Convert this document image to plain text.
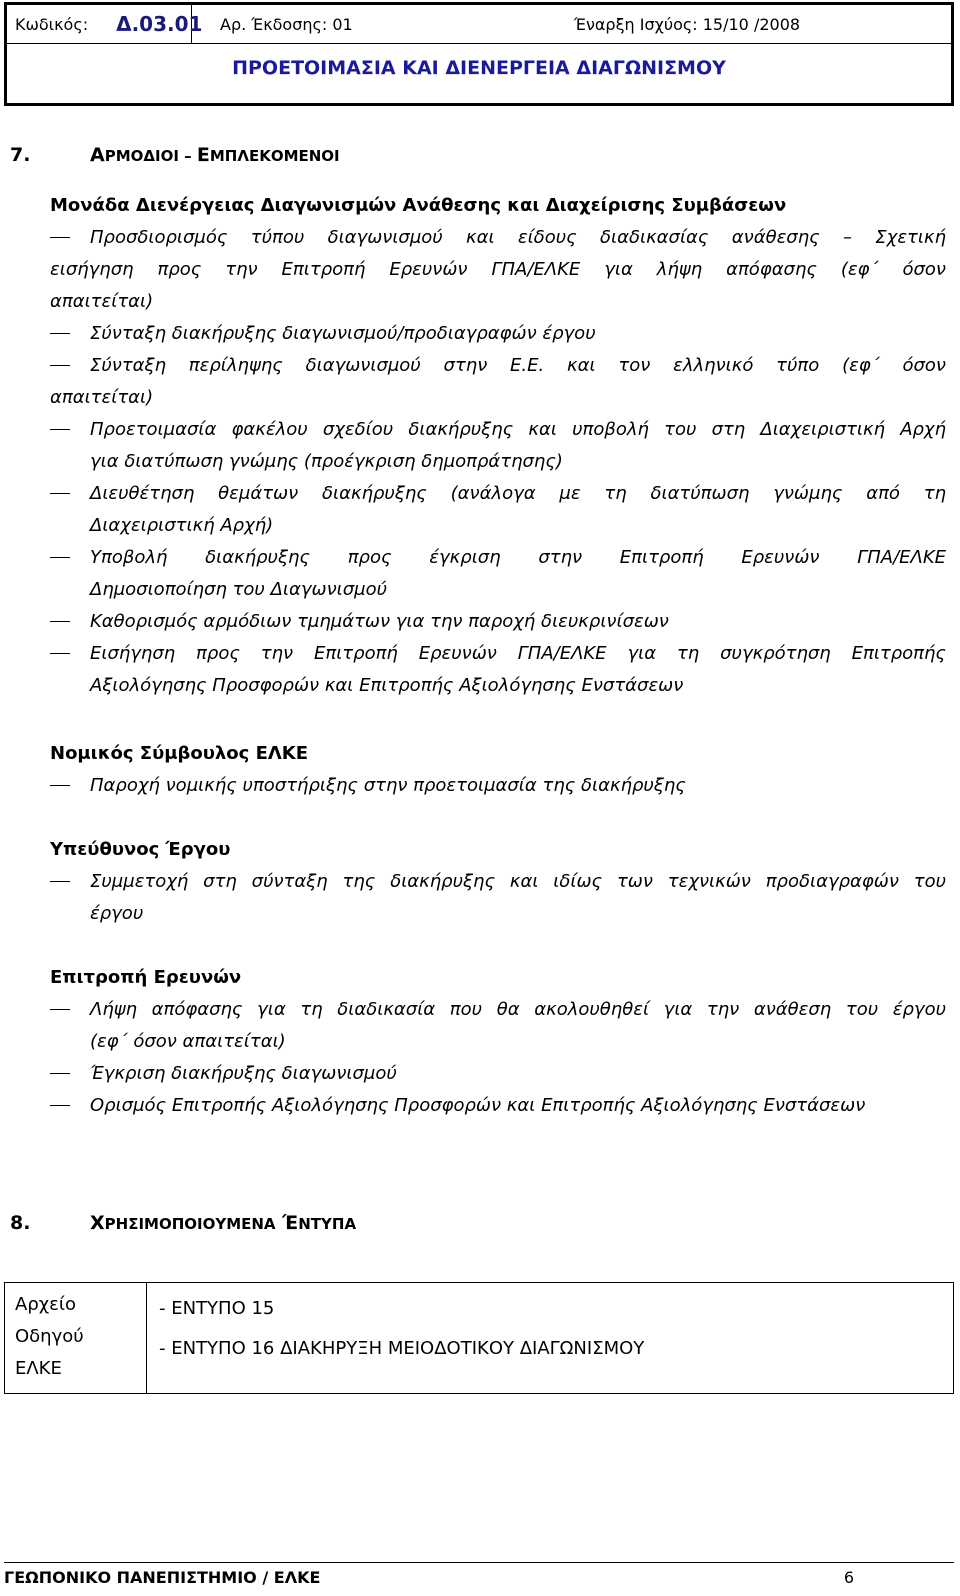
Κωδικός: Δ.03.01	Αρ. Έκδοσης: 01	Έναρξη Ισχύος: 15/10 /2008
ΠΡΟΕΤΟΙΜΑΣΙΑ ΚΑΙ ΔΙΕΝΕΡΓΕΙΑ ΔΙΑΓΩΝΙΣΜΟΥ
7.	ΑΡΜΟΔΙΟΙ – ΕΜΠΛΕΚΟΜΕΝΟΙ

Μονάδα Διενέργειας Διαγωνισμών Ανάθεσης και Διαχείρισης Συμβάσεων

Προσδιορισμός τύπου διαγωνισμού και είδους διαδικασίας ανάθεσης – Σχετική

εισήγηση προς την Επιτροπή Ερευνών ΓΠΑ/ΕΛΚΕ για λήψη απόφασης (εφ΄ όσον

απαιτείται)

Σύνταξη διακήρυξης διαγωνισμού/προδιαγραφών έργου

Σύνταξη περίληψης διαγωνισμού στην Ε.Ε. και τον ελληνικό τύπο (εφ΄ όσον

απαιτείται)

Προετοιμασία φακέλου σχεδίου διακήρυξης και υποβολή του στη Διαχειριστική Αρχή

για διατύπωση γνώμης (προέγκριση δημοπράτησης)

Διευθέτηση θεμάτων διακήρυξης (ανάλογα με τη διατύπωση γνώμης από τη

Διαχειριστική Αρχή)

Υποβολή διακήρυξης προς έγκριση στην Επιτροπή Ερευνών ΓΠΑ/ΕΛΚΕ

Δημοσιοποίηση του Διαγωνισμού

Καθορισμός αρμόδιων τμημάτων για την παροχή διευκρινίσεων

Εισήγηση προς την Επιτροπή Ερευνών ΓΠΑ/ΕΛΚΕ για τη συγκρότηση Επιτροπής

Αξιολόγησης Προσφορών και Επιτροπής Αξιολόγησης Ενστάσεων

Νομικός Σύμβουλος ΕΛΚΕ

Παροχή νομικής υποστήριξης στην προετοιμασία της διακήρυξης

Υπεύθυνος Έργου

Συμμετοχή στη σύνταξη της διακήρυξης και ιδίως των τεχνικών προδιαγραφών του

έργου

Επιτροπή Ερευνών

Λήψη απόφασης για τη διαδικασία που θα ακολουθηθεί για την ανάθεση του έργου

(εφ΄ όσον απαιτείται)

Έγκριση διακήρυξης διαγωνισμού

Ορισμός Επιτροπής Αξιολόγησης Προσφορών και Επιτροπής Αξιολόγησης Ενστάσεων

8.	ΧΡΗΣΙΜΟΠΟΙΟΥΜΕΝΑ ΈΝΤΥΠΑ
Αρχείο
Οδηγού
ΕΛΚΕ
- ΕΝΤΥΠΟ 15
- ΕΝΤΥΠΟ 16 ΔΙΑΚΗΡΥΞΗ ΜΕΙΟΔΟΤΙΚΟΥ ΔΙΑΓΩΝΙΣΜΟΥ
ΓΕΩΠΟΝΙΚΟ ΠΑΝΕΠΙΣΤΗΜΙΟ / ΕΛΚΕ	6
